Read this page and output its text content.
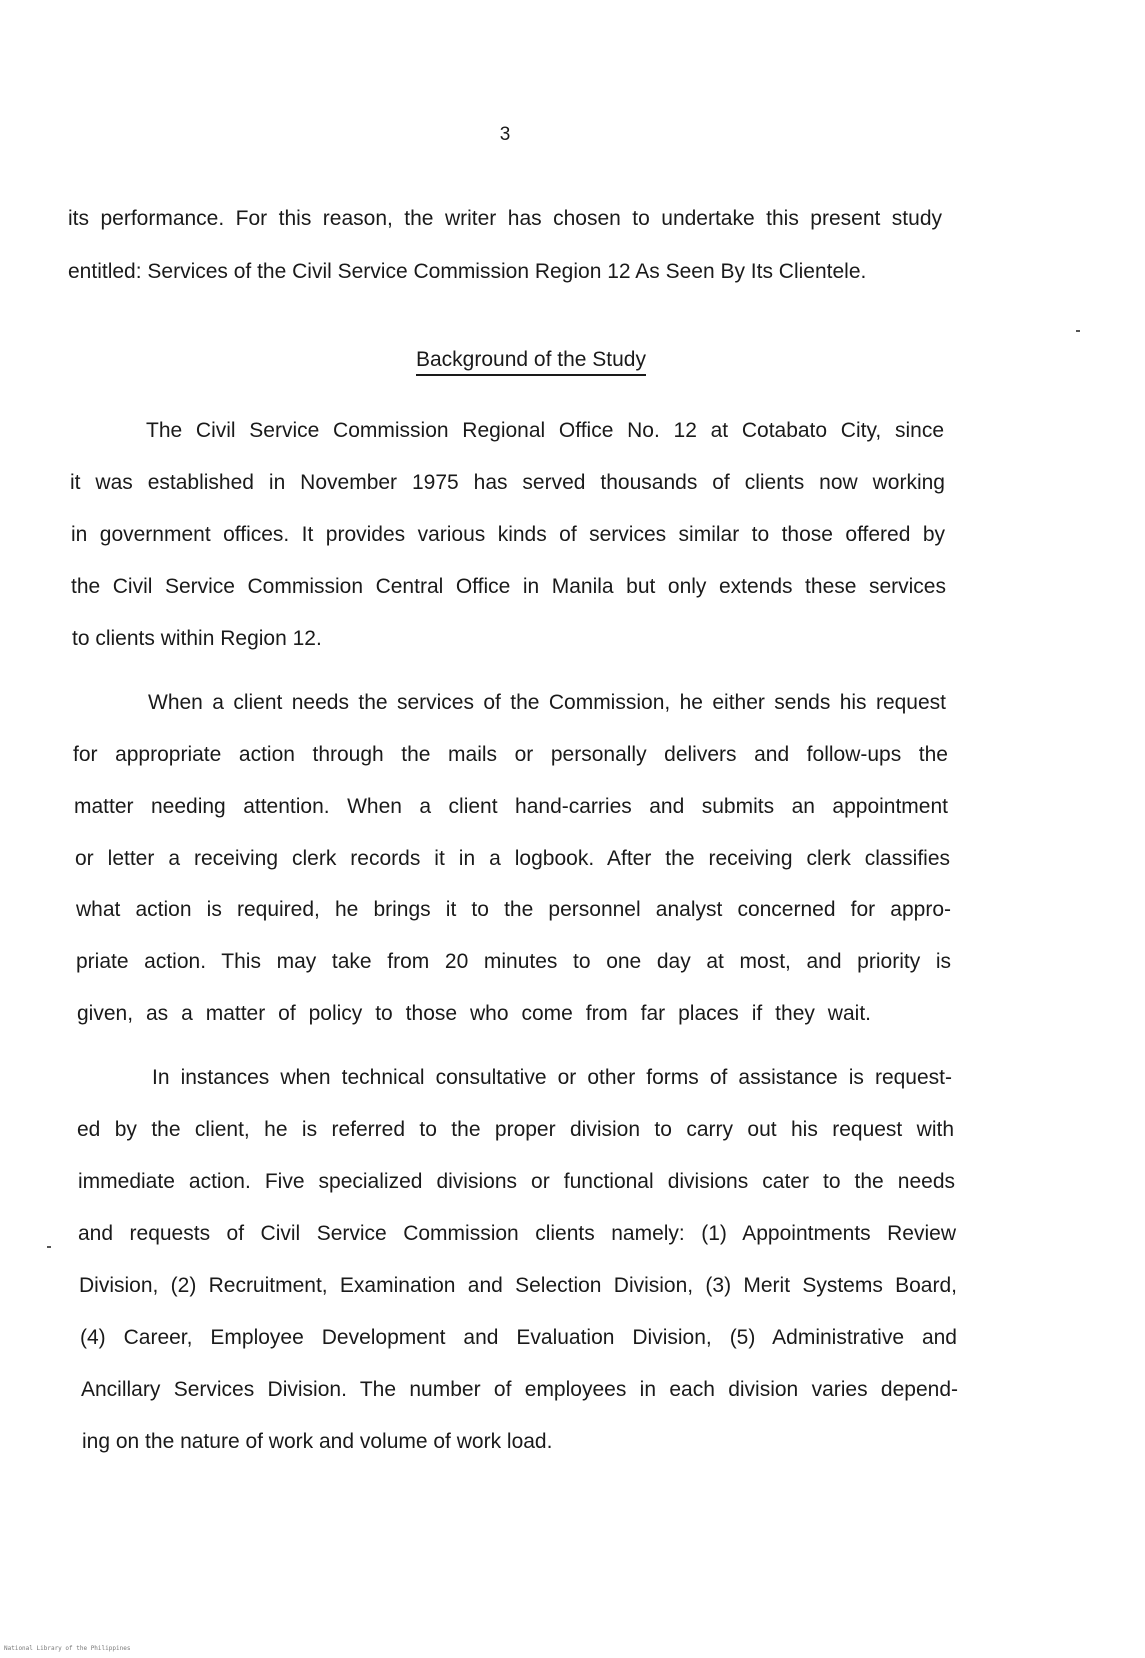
3
its performance. For this reason, the writer has chosen to undertake this present study
entitled: Services of the Civil Service Commission Region 12 As Seen By Its Clientele.
Background of the Study
The Civil Service Commission Regional Office No. 12 at Cotabato City, since
it was established in November 1975 has served thousands of clients now working
in government offices. It provides various kinds of services similar to those offered by
the Civil Service Commission Central Office in Manila but only extends these services
to clients within Region 12.
When a client needs the services of the Commission, he either sends his request
for appropriate action through the mails or personally delivers and follow-ups the
matter needing attention. When a client hand-carries and submits an appointment
or letter a receiving clerk records it in a logbook. After the receiving clerk classifies
what action is required, he brings it to the personnel analyst concerned for appro-
priate action. This may take from 20 minutes to one day at most, and priority is
given, as a matter of policy to those who come from far places if they wait.
In instances when technical consultative or other forms of assistance is request-
ed by the client, he is referred to the proper division to carry out his request with
immediate action. Five specialized divisions or functional divisions cater to the needs
and requests of Civil Service Commission clients namely: (1) Appointments Review
Division, (2) Recruitment, Examination and Selection Division, (3) Merit Systems Board,
(4) Career, Employee Development and Evaluation Division, (5) Administrative and
Ancillary Services Division. The number of employees in each division varies depend-
ing on the nature of work and volume of work load.
National Library of the Philippines
